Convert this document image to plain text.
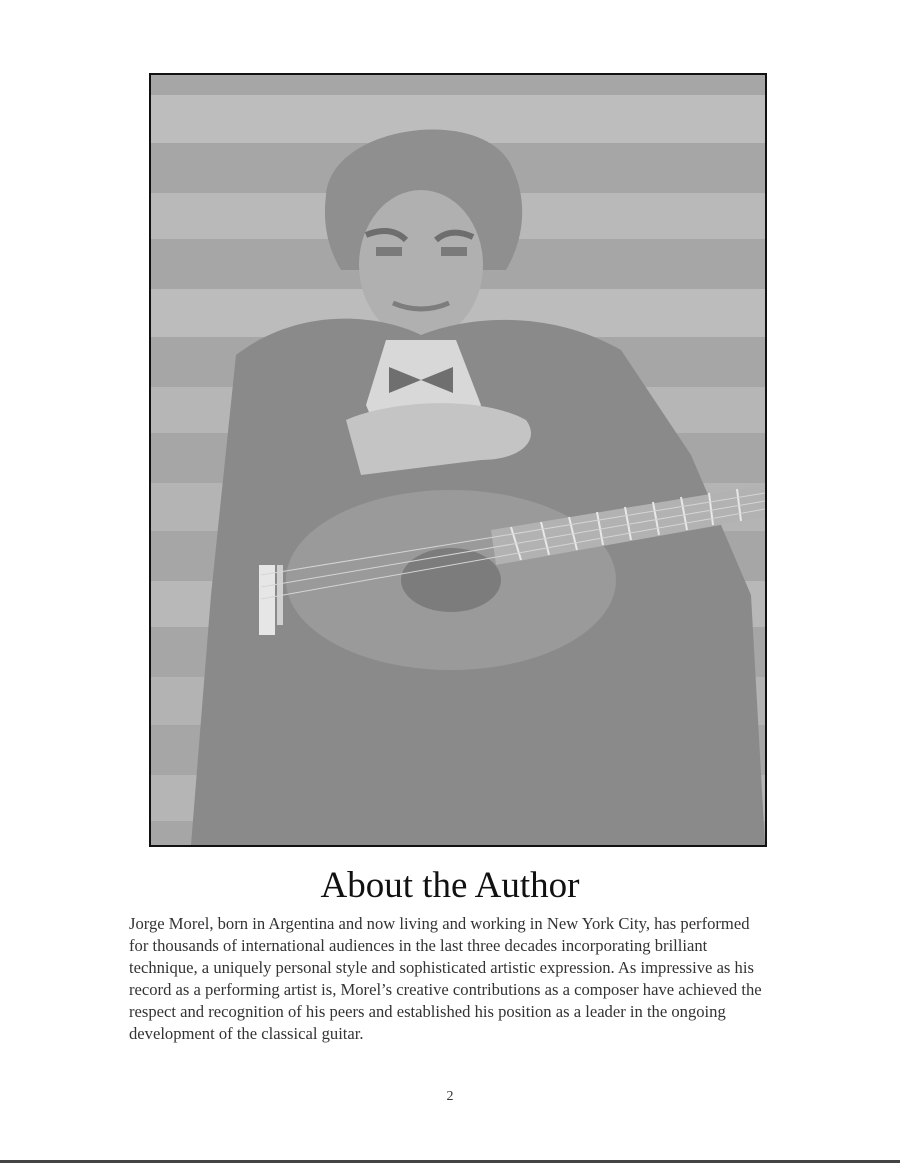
About the Author

Jorge Morel, born in Argentina and now living and working in New York City, has performed for thousands of international audiences in the last three decades incorporating brilliant technique, a uniquely personal style and sophisticated artistic expression. As impressive as his record as a performing artist is, Morel’s creative contributions as a composer have achieved the respect and recognition of his peers and established his position as a leader in the ongoing development of the classical guitar.

2
